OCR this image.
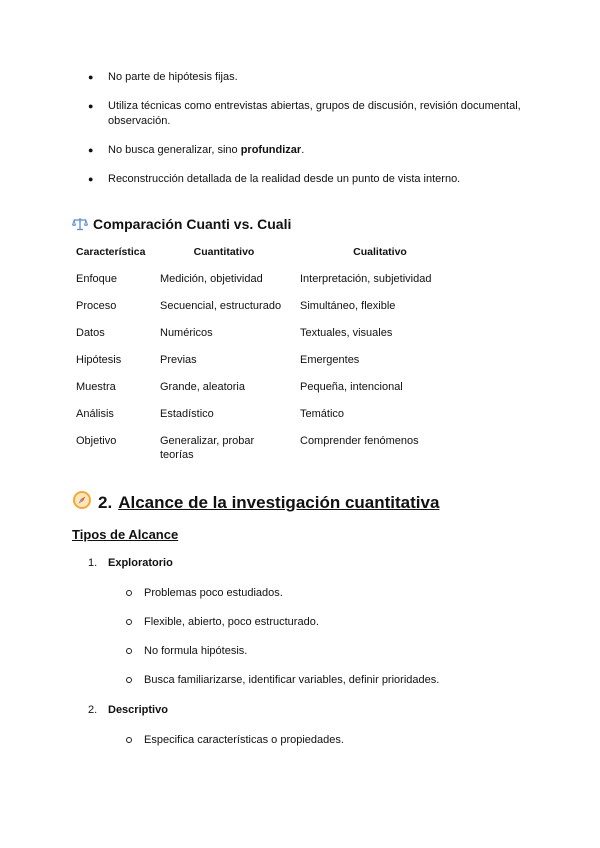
● No parte de hipótesis fijas.
● Utiliza técnicas como entrevistas abiertas, grupos de discusión, revisión documental, observación.
● No busca generalizar, sino profundizar.
● Reconstrucción detallada de la realidad desde un punto de vista interno.
Comparación Cuanti vs. Cuali
Característica	Cuantitativo	Cualitativo
Enfoque	Medición, objetividad	Interpretación, subjetividad
Proceso	Secuencial, estructurado	Simultáneo, flexible
Datos	Numéricos	Textuales, visuales
Hipótesis	Previas	Emergentes
Muestra	Grande, aleatoria	Pequeña, intencional
Análisis	Estadístico	Temático
Objetivo	Generalizar, probar teorías	Comprender fenómenos
2. Alcance de la investigación cuantitativa
Tipos de Alcance
1. Exploratorio
Problemas poco estudiados.
Flexible, abierto, poco estructurado.
No formula hipótesis.
Busca familiarizarse, identificar variables, definir prioridades.
2. Descriptivo
Especifica características o propiedades.
